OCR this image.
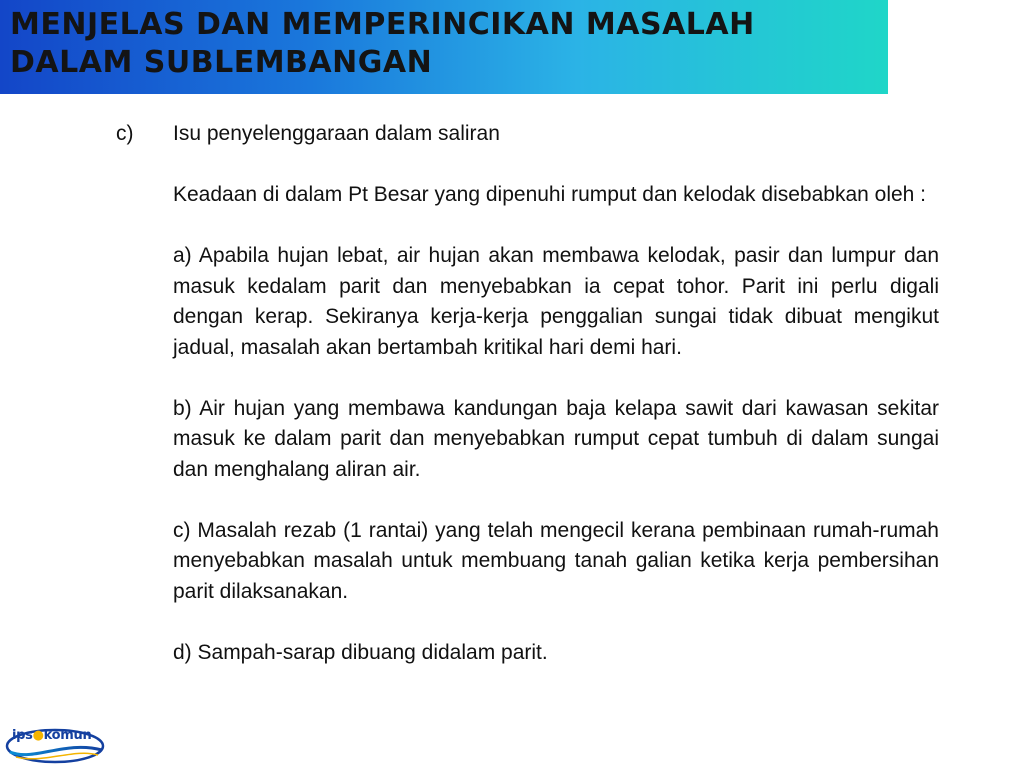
MENJELAS DAN MEMPERINCIKAN MASALAH
DALAM SUBLEMBANGAN
c) Isu penyelenggaraan dalam saliran

Keadaan di dalam Pt Besar yang dipenuhi rumput dan kelodak disebabkan oleh :

a) Apabila hujan lebat, air hujan akan membawa kelodak, pasir dan lumpur dan masuk kedalam parit dan menyebabkan ia cepat tohor. Parit ini perlu digali dengan kerap. Sekiranya kerja-kerja penggalian sungai tidak dibuat mengikut jadual, masalah akan bertambah kritikal hari demi hari.

b) Air hujan yang membawa kandungan baja kelapa sawit dari kawasan sekitar masuk ke dalam parit dan menyebabkan rumput cepat tumbuh di dalam sungai dan menghalang aliran air.

c) Masalah rezab (1 rantai) yang telah mengecil kerana pembinaan rumah-rumah menyebabkan masalah untuk membuang tanah galian ketika kerja pembersihan parit dilaksanakan.

d) Sampah-sarap dibuang didalam parit.

ips●komun
